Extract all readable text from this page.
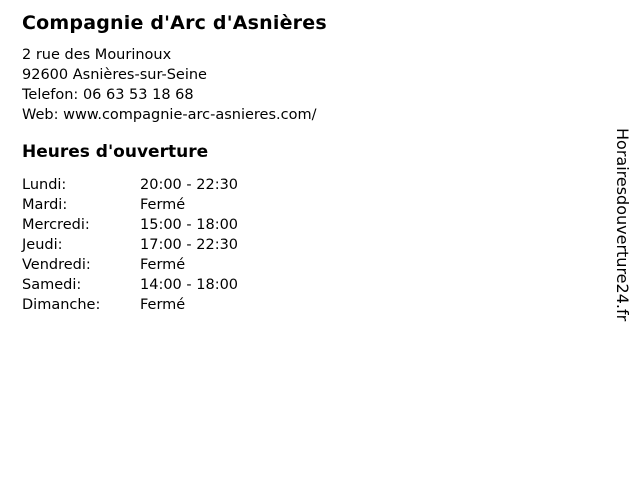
Compagnie d'Arc d'Asnières
2 rue des Mourinoux
92600 Asnières-sur-Seine
Telefon: 06 63 53 18 68
Web: www.compagnie-arc-asnieres.com/
Heures d'ouverture
Lundi:	20:00 - 22:30
Mardi:	Fermé
Mercredi:	15:00 - 18:00
Jeudi:	17:00 - 22:30
Vendredi:	Fermé
Samedi:	14:00 - 18:00
Dimanche:	Fermé	Horairesdouverture24.fr
